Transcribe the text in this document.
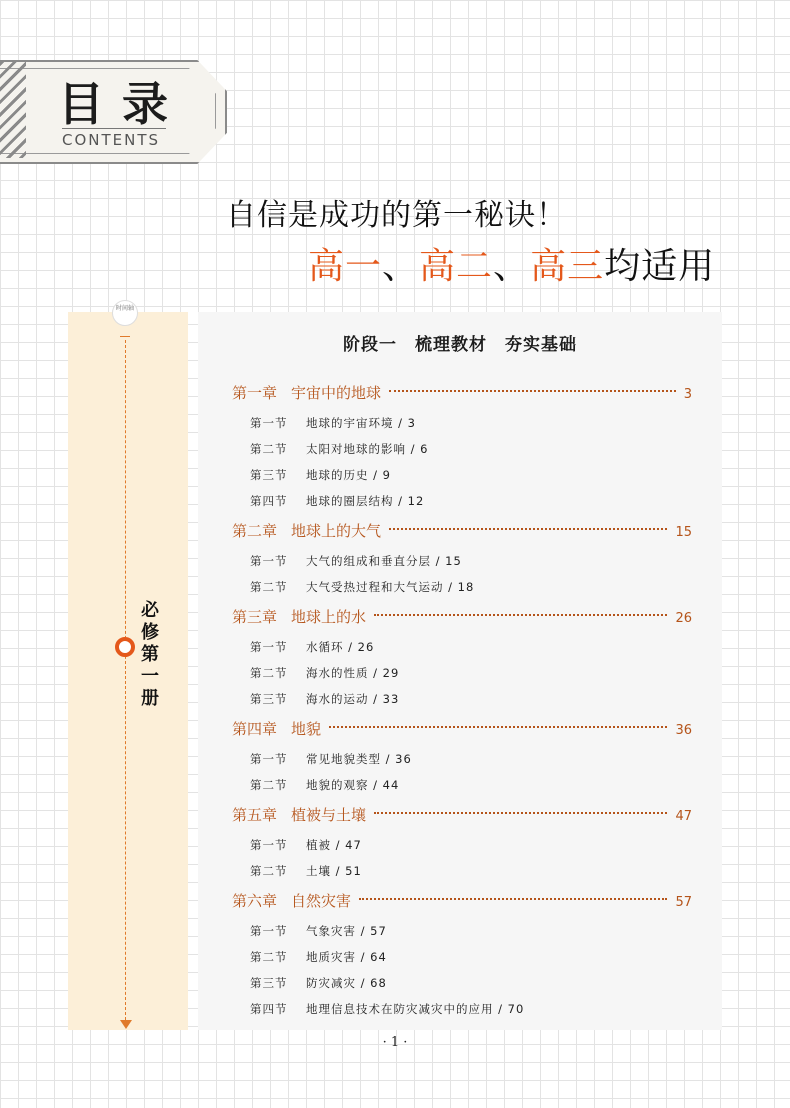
目录
CONTENTS
自信是成功的第一秘诀！
高一、高二、高三均适用
时间轴
必修第一册
阶段一　梳理教材　夯实基础
第一章 宇宙中的地球	3
第一节 地球的宇宙环境 / 3
第二节 太阳对地球的影响 / 6
第三节 地球的历史 / 9
第四节 地球的圈层结构 / 12
第二章 地球上的大气	15
第一节 大气的组成和垂直分层 / 15
第二节 大气受热过程和大气运动 / 18
第三章 地球上的水	26
第一节 水循环 / 26
第二节 海水的性质 / 29
第三节 海水的运动 / 33
第四章 地貌	36
第一节 常见地貌类型 / 36
第二节 地貌的观察 / 44
第五章 植被与土壤	47
第一节 植被 / 47
第二节 土壤 / 51
第六章 自然灾害	57
第一节 气象灾害 / 57
第二节 地质灾害 / 64
第三节 防灾减灾 / 68
第四节 地理信息技术在防灾减灾中的应用 / 70
· 1 ·
